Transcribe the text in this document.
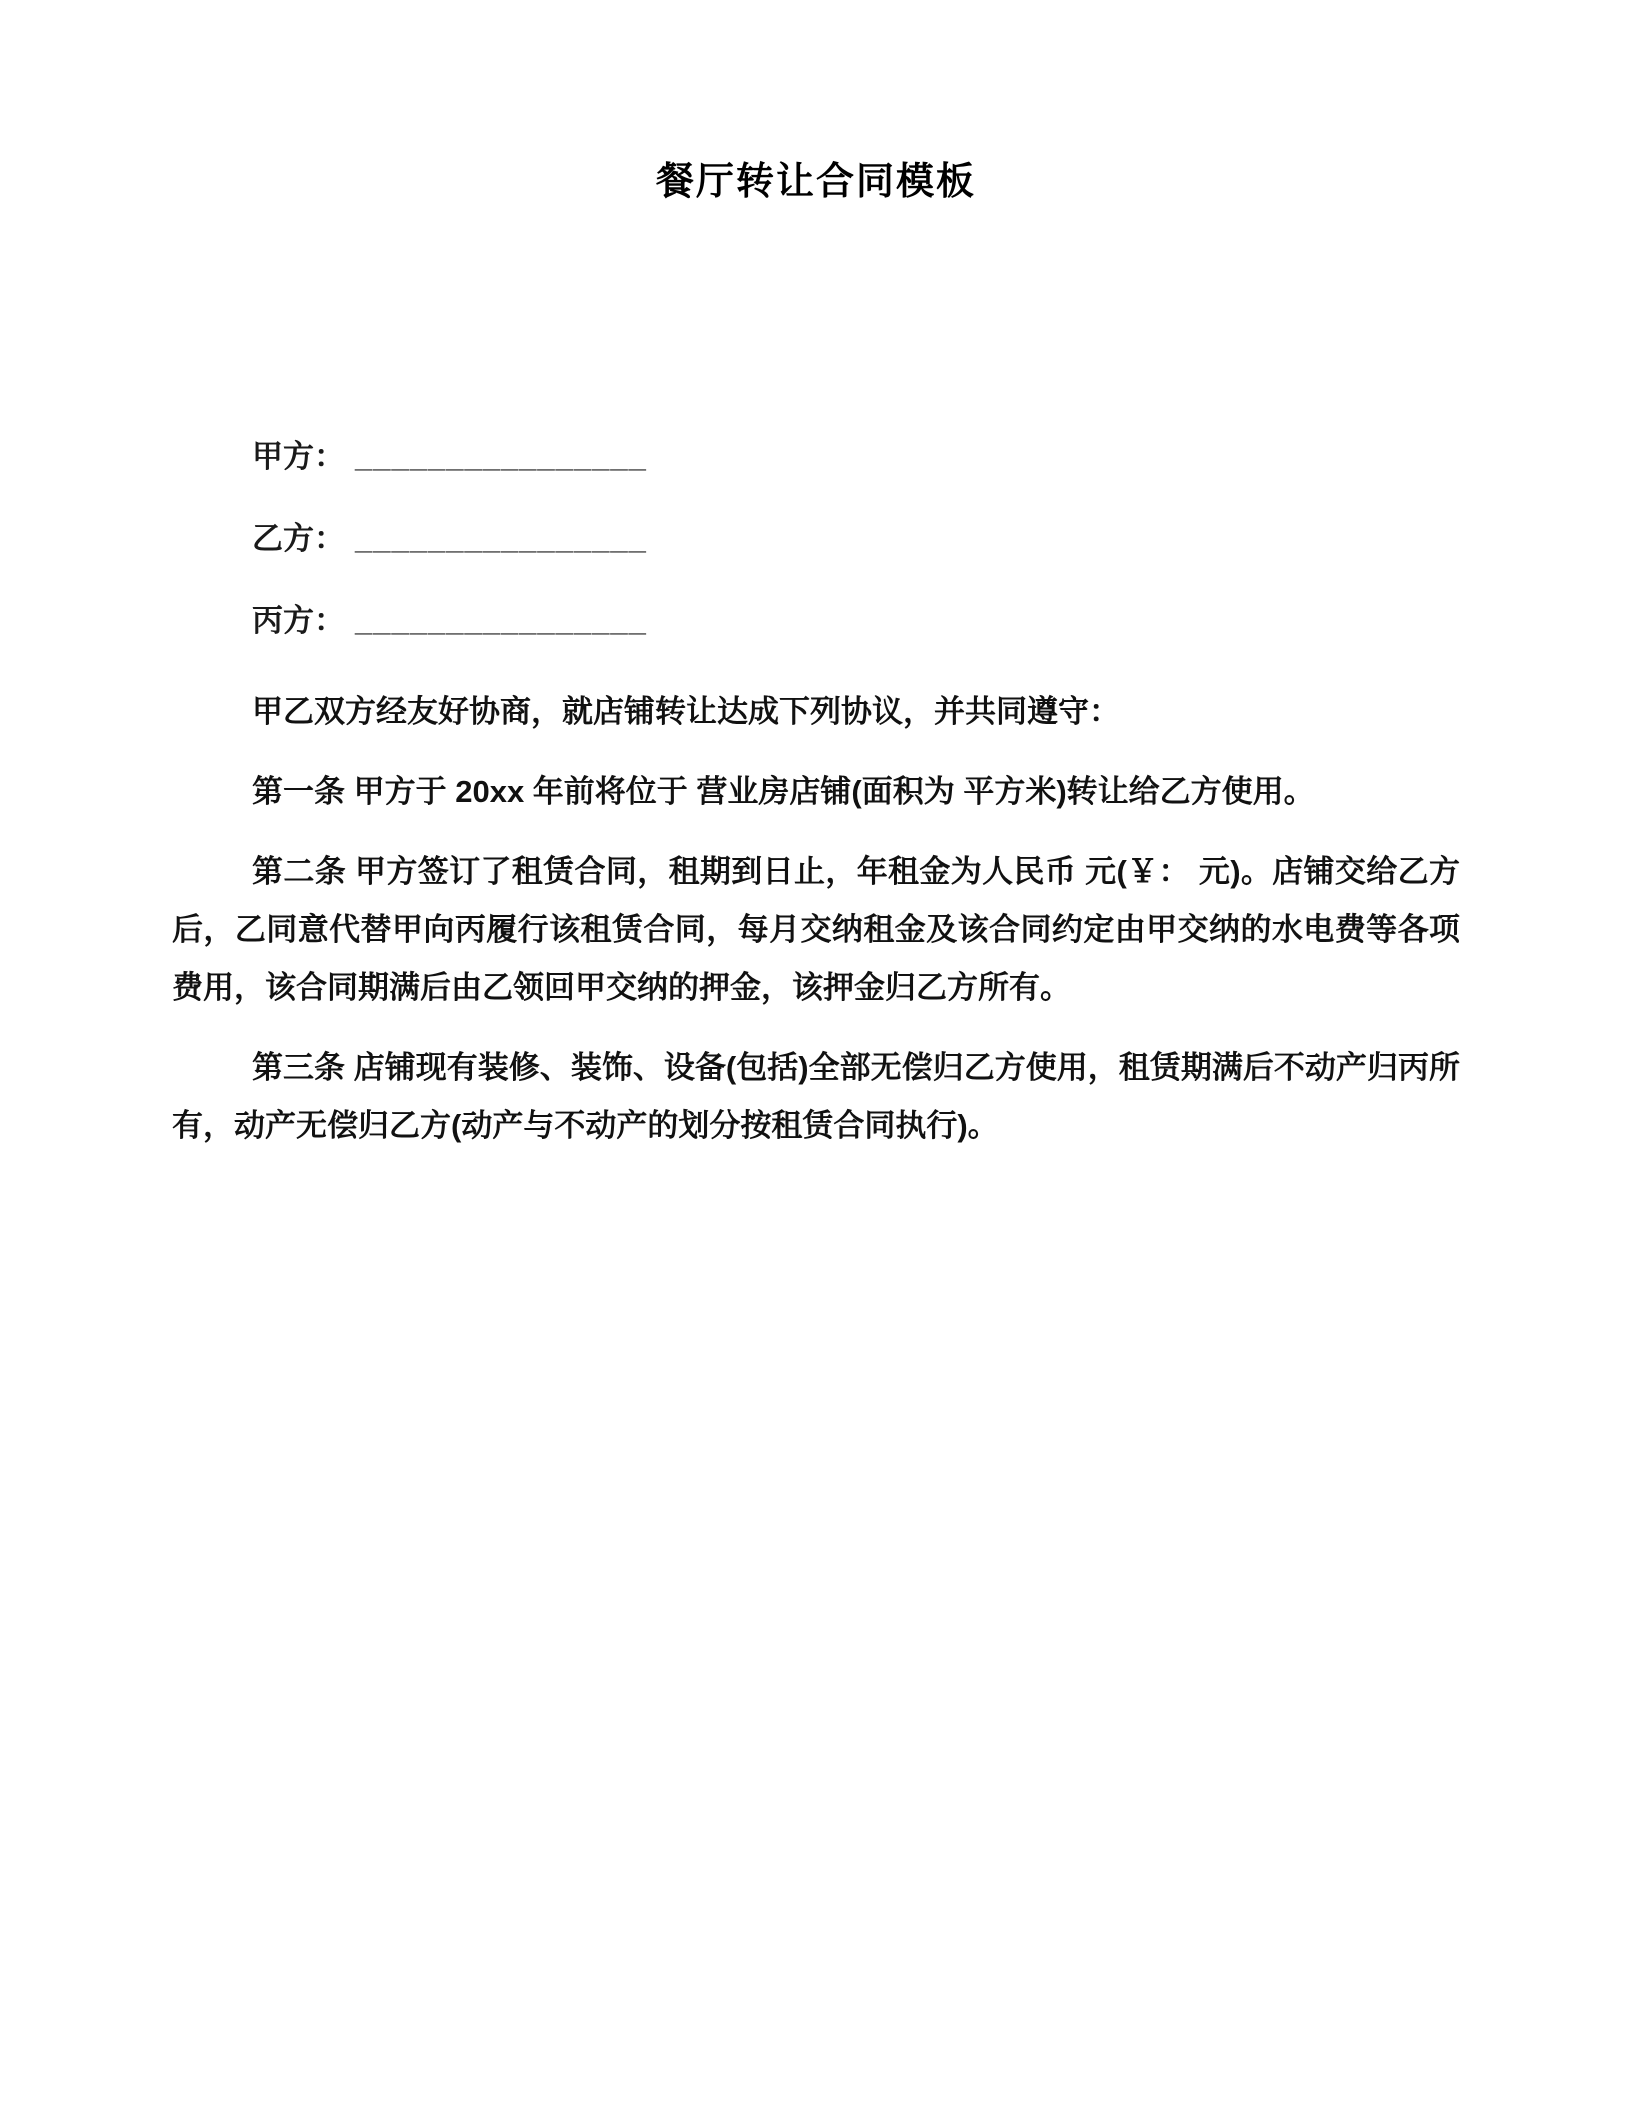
餐厅转让合同模板
甲方： ________________
乙方： ________________
丙方： ________________

甲乙双方经友好协商，就店铺转让达成下列协议，并共同遵守：

第一条 甲方于 20xx 年前将位于 营业房店铺(面积为 平方米)转让给乙方使用。

第二条 甲方签订了租赁合同，租期到日止，年租金为人民币 元(￥： 元)。店铺交给乙方后，乙同意代替甲向丙履行该租赁合同，每月交纳租金及该合同约定由甲交纳的水电费等各项费用，该合同期满后由乙领回甲交纳的押金，该押金归乙方所有。

第三条 店铺现有装修、装饰、设备(包括)全部无偿归乙方使用，租赁期满后不动产归丙所有，动产无偿归乙方(动产与不动产的划分按租赁合同执行)。
